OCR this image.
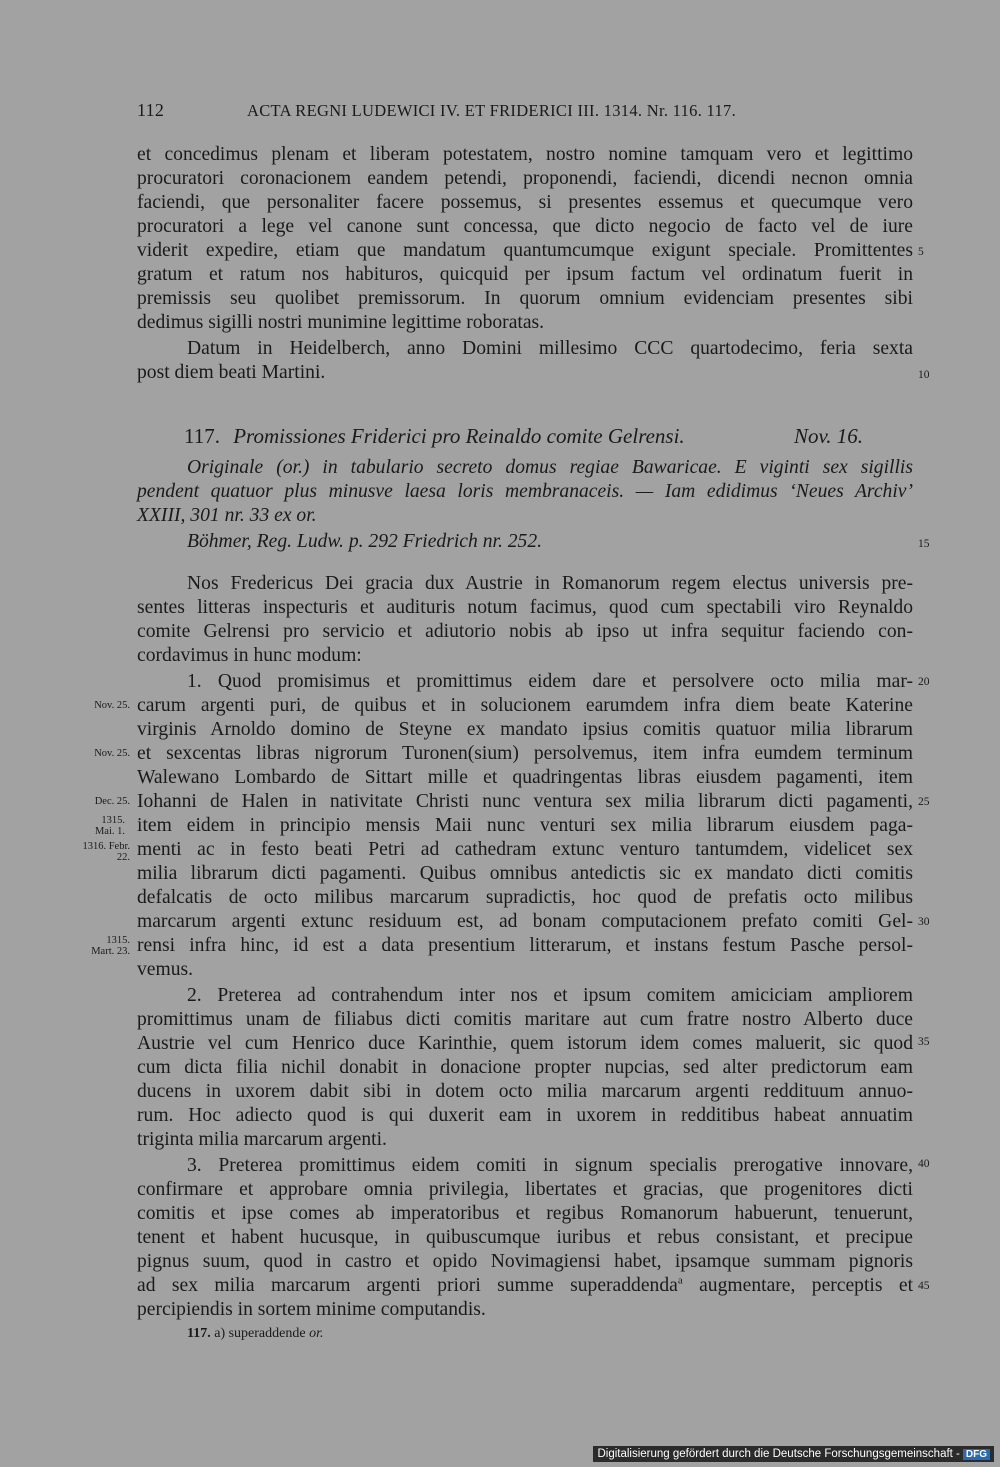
112	ACTA REGNI LUDEWICI IV. ET FRIDERICI III. 1314. Nr. 116. 117.
et concedimus plenam et liberam potestatem, nostro nomine tamquam vero et legittimo
procuratori coronacionem eandem petendi, proponendi, faciendi, dicendi necnon omnia
faciendi, que personaliter facere possemus, si presentes essemus et quecumque vero
procuratori a lege vel canone sunt concessa, que dicto negocio de facto vel de iure
viderit expedire, etiam que mandatum quantumcumque exigunt speciale. Promittentes
gratum et ratum nos habituros, quicquid per ipsum factum vel ordinatum fuerit in
premissis seu quolibet premissorum. In quorum omnium evidenciam presentes sibi
dedimus sigilli nostri munimine legittime roboratas.
Datum in Heidelberch, anno Domini millesimo CCC quartodecimo, feria sexta
post diem beati Martini.
117. Promissiones Friderici pro Reinaldo comite Gelrensi.	Nov. 16.
Originale (or.) in tabulario secreto domus regiae Bawaricae. E viginti sex sigillis
pendent quatuor plus minusve laesa loris membranaceis. — Iam edidimus ‘Neues Archiv’
XXIII, 301 nr. 33 ex or.
Böhmer, Reg. Ludw. p. 292 Friedrich nr. 252.
Nos Fredericus Dei gracia dux Austrie in Romanorum regem electus universis pre-
sentes litteras inspecturis et audituris notum facimus, quod cum spectabili viro Reynaldo
comite Gelrensi pro servicio et adiutorio nobis ab ipso ut infra sequitur faciendo con-
cordavimus in hunc modum:
1. Quod promisimus et promittimus eidem dare et persolvere octo milia mar-
carum argenti puri, de quibus et in solucionem earumdem infra diem beate Katerine
virginis Arnoldo domino de Steyne ex mandato ipsius comitis quatuor milia librarum
et sexcentas libras nigrorum Turonen(sium) persolvemus, item infra eumdem terminum
Walewano Lombardo de Sittart mille et quadringentas libras eiusdem pagamenti, item
Iohanni de Halen in nativitate Christi nunc ventura sex milia librarum dicti pagamenti,
item eidem in principio mensis Maii nunc venturi sex milia librarum eiusdem paga-
menti ac in festo beati Petri ad cathedram extunc venturo tantumdem, videlicet sex
milia librarum dicti pagamenti. Quibus omnibus antedictis sic ex mandato dicti comitis
defalcatis de octo milibus marcarum supradictis, hoc quod de prefatis octo milibus
marcarum argenti extunc residuum est, ad bonam computacionem prefato comiti Gel-
rensi infra hinc, id est a data presentium litterarum, et instans festum Pasche persol-
vemus.
2. Preterea ad contrahendum inter nos et ipsum comitem amiciciam ampliorem
promittimus unam de filiabus dicti comitis maritare aut cum fratre nostro Alberto duce
Austrie vel cum Henrico duce Karinthie, quem istorum idem comes maluerit, sic quod
cum dicta filia nichil donabit in donacione propter nupcias, sed alter predictorum eam
ducens in uxorem dabit sibi in dotem octo milia marcarum argenti reddituum annuo-
rum. Hoc adiecto quod is qui duxerit eam in uxorem in redditibus habeat annuatim
triginta milia marcarum argenti.
3. Preterea promittimus eidem comiti in signum specialis prerogative innovare,
confirmare et approbare omnia privilegia, libertates et gracias, que progenitores dicti
comitis et ipse comes ab imperatoribus et regibus Romanorum habuerunt, tenuerunt,
tenent et habent hucusque, in quibuscumque iuribus et rebus consistant, et precipue
pignus suum, quod in castro et opido Novimagiensi habet, ipsamque summam pignoris
ad sex milia marcarum argenti priori summe superaddenda$^a$ augmentare, perceptis et
percipiendis in sortem minime computandis.
5
10
15
20
25
30
35
40
45
Nov. 25.
Nov. 25.
Dec. 25.
1315. Mai. 1.
1316. Febr. 22.
1315. Mart. 23.
117. a) superaddende or.
Digitalisierung gefördert durch die Deutsche Forschungsgemeinschaft - DFG
